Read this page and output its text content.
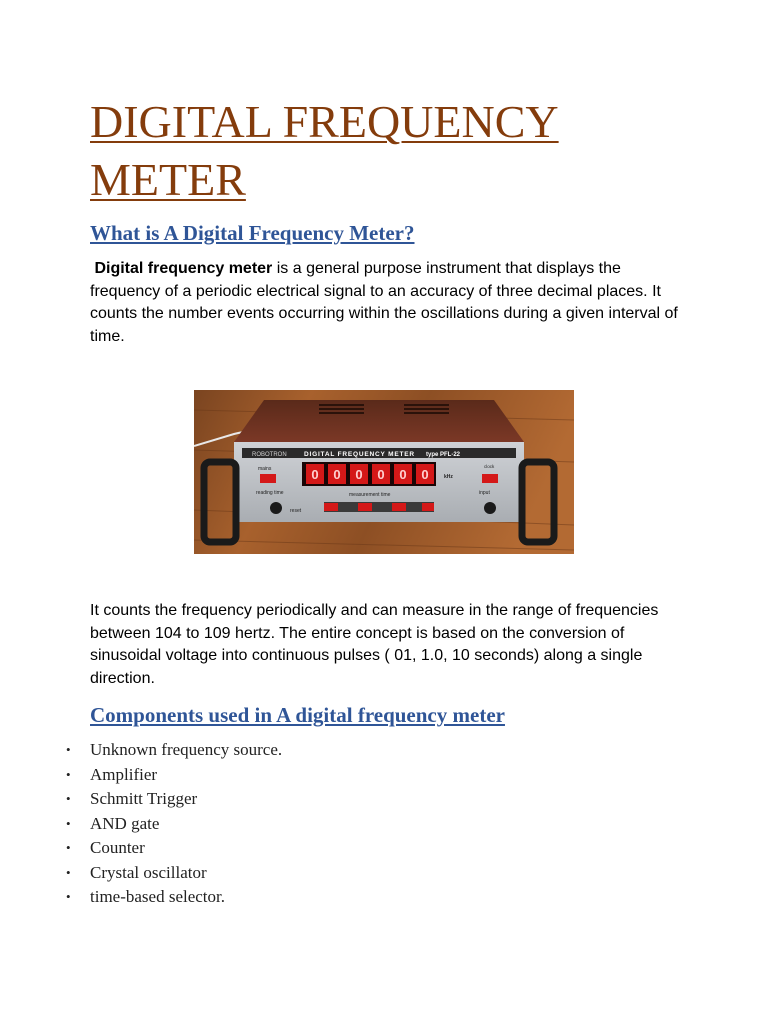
DIGITAL FREQUENCY
METER
What is A Digital Frequency Meter?

Digital frequency meter is a general purpose instrument that displays the frequency of a periodic electrical signal to an accuracy of three decimal places. It counts the number events occurring within the oscillations during a given interval of time.

ROBOTRON	DIGITAL FREQUENCY METER type PFL-22
0 0 0 0 0 0	kHz
mains	clock
reading time	measurement time	input
reset

It counts the frequency periodically and can measure in the range of frequencies between 104 to 109 hertz. The entire concept is based on the conversion of sinusoidal voltage into continuous pulses ( 01, 1.0, 10 seconds) along a single direction.

Components used in A digital frequency meter
• Unknown frequency source.
• Amplifier
• Schmitt Trigger
• AND gate
• Counter
• Crystal oscillator
• time-based selector.
